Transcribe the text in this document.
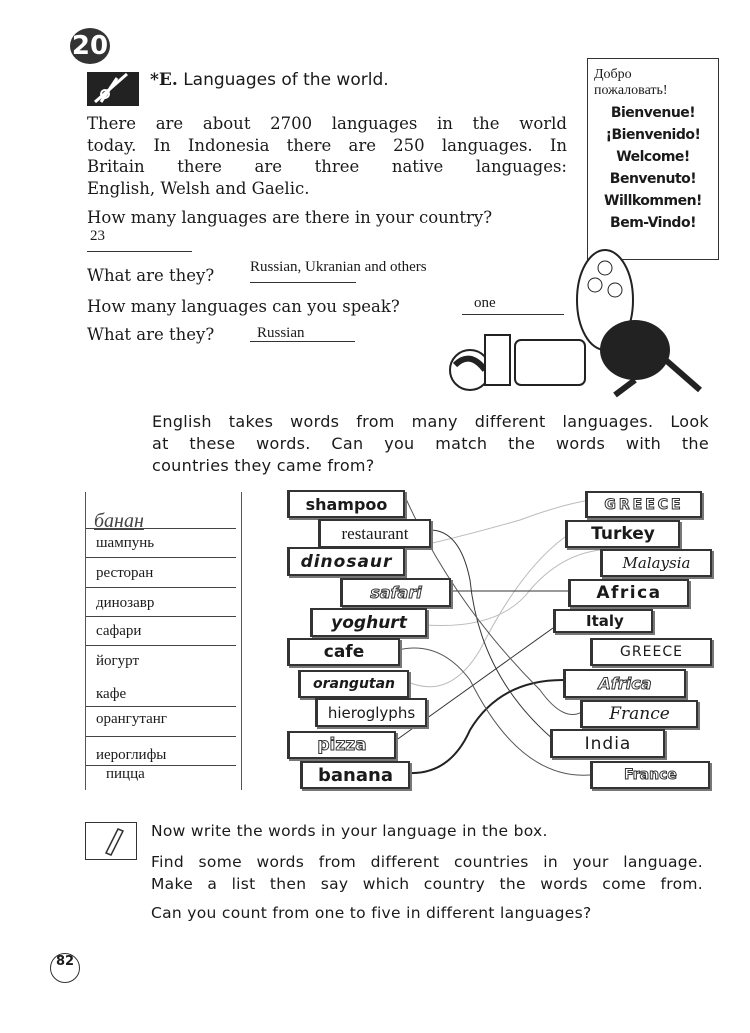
20
*E. Languages of the world.
There are about 2700 languages in the world
today. In Indonesia there are 250 languages. In
Britain there are three native languages:
English, Welsh and Gaelic.
How many languages are there in your country?
23
What are they? Russian, Ukranian and others
How many languages can you speak?	one
What are they?	Russian
Добро
пожаловать!
Bienvenue!
¡Bienvenido!
Welcome!
Benvenuto!
Willkommen!
Bem-Vindo!
English takes words from many different languages. Look
at these words. Can you match the words with the
countries they came from?
банан
шампунь
ресторан
динозавр
сафари
йогурт
кафе
орангутанг
иероглифы
пицца
shampoo
restaurant
dinosaur
safari
yoghurt
cafe
orangutan
hieroglyphs
pizza
banana
GREECE
Turkey
Malaysia
Africa
Italy
GREECE
Africa
France
India
France
Now write the words in your language in the box.
Find some words from different countries in your language.
Make a list then say which country the words come from.
Can you count from one to five in different languages?
82
